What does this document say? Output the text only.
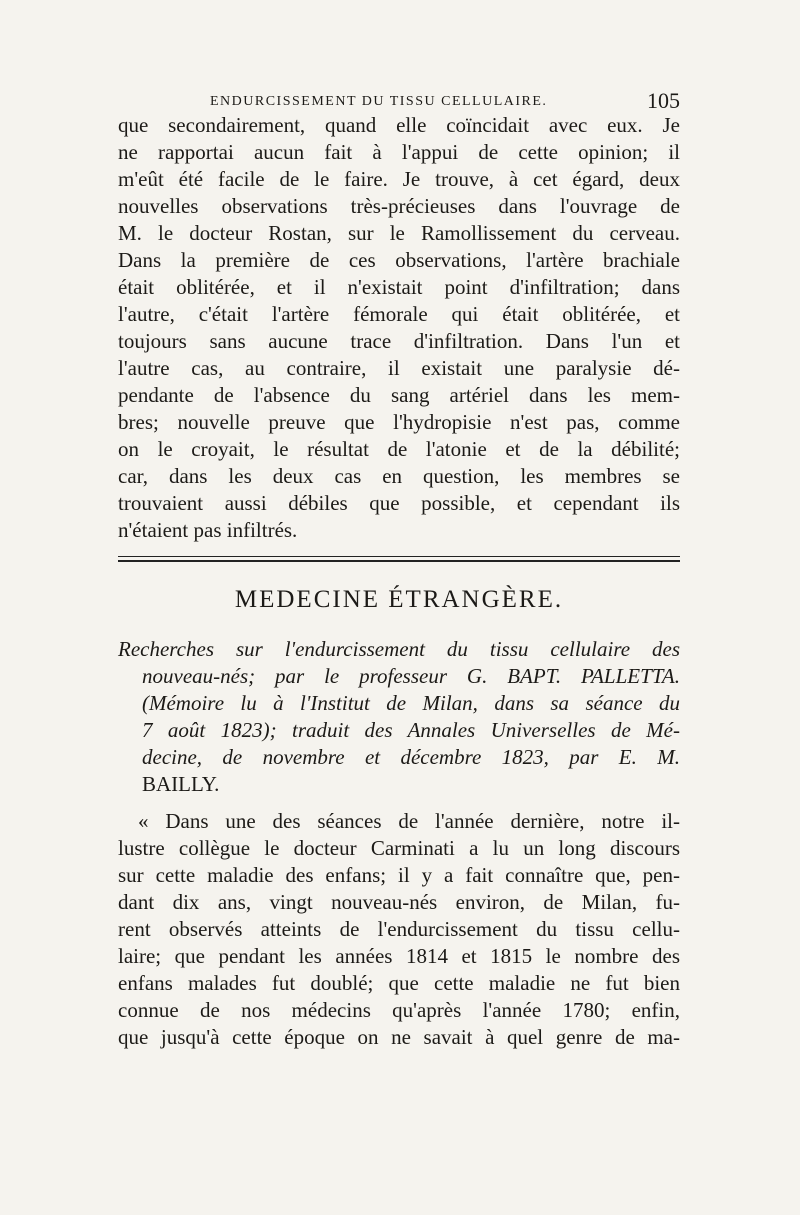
ENDURCISSEMENT DU TISSU CELLULAIRE.	105
que secondairement, quand elle coïncidait avec eux. Je
ne rapportai aucun fait à l'appui de cette opinion; il
m'eût été facile de le faire. Je trouve, à cet égard, deux
nouvelles observations très-précieuses dans l'ouvrage de
M. le docteur Rostan, sur le Ramollissement du cerveau.
Dans la première de ces observations, l'artère brachiale
était oblitérée, et il n'existait point d'infiltration; dans
l'autre, c'était l'artère fémorale qui était oblitérée, et
toujours sans aucune trace d'infiltration. Dans l'un et
l'autre cas, au contraire, il existait une paralysie dé-
pendante de l'absence du sang artériel dans les mem-
bres; nouvelle preuve que l'hydropisie n'est pas, comme
on le croyait, le résultat de l'atonie et de la débilité;
car, dans les deux cas en question, les membres se
trouvaient aussi débiles que possible, et cependant ils
n'étaient pas infiltrés.
MEDECINE ÉTRANGÈRE.
Recherches sur l'endurcissement du tissu cellulaire des
nouveau-nés; par le professeur G. BAPT. PALLETTA.
(Mémoire lu à l'Institut de Milan, dans sa séance du
7 août 1823); traduit des Annales Universelles de Mé-
decine, de novembre et décembre 1823, par E. M.
BAILLY.
« Dans une des séances de l'année dernière, notre il-
lustre collègue le docteur Carminati a lu un long discours
sur cette maladie des enfans; il y a fait connaître que, pen-
dant dix ans, vingt nouveau-nés environ, de Milan, fu-
rent observés atteints de l'endurcissement du tissu cellu-
laire; que pendant les années 1814 et 1815 le nombre des
enfans malades fut doublé; que cette maladie ne fut bien
connue de nos médecins qu'après l'année 1780; enfin,
que jusqu'à cette époque on ne savait à quel genre de ma-
